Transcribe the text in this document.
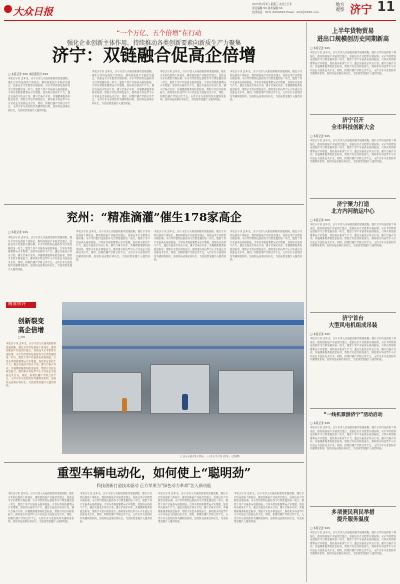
大众日报
2025年5月8日 星期三 农历乙巳年
责任编辑 XX 美术编辑 XX
热线电话：0531-XXXXXXX Email：dzrb@XXXX.com
地方
观察 济宁 11
“一个万亿、五个倍增”在行动
强化企业创新主体作用，持续推动各类创新要素向新质生产力聚集
济宁：双链融合促高企倍增
□ 本报记者 XXX 本报通讯员 XXX
本报济宁讯 近年来，济宁市深入实施创新驱动发展战略，强化企业科技创新主体地位，推动创新链产业链深度融合，高新技术企业数量实现倍增。全市坚持把科技创新作为引领发展的第一动力，聚焦主导产业链条布局创新链，引导各类创新要素向企业集聚，加快培育新质生产力。通过实施高企培育计划，建立后备企业库，开展精准服务和政策辅导，帮助企业提升研发能力，推动更多科技型中小企业成长为高新技术企业。同时，积极搭建产学研合作平台，支持企业与高校院所共建研发机构，加快科技成果转移转化，为高质量发展注入强劲动能。
本报济宁讯 近年来，济宁市深入实施创新驱动发展战略，强化企业科技创新主体地位，推动创新链产业链深度融合，高新技术企业数量实现倍增。全市坚持把科技创新作为引领发展的第一动力，聚焦主导产业链条布局创新链，引导各类创新要素向企业集聚，加快培育新质生产力。通过实施高企培育计划，建立后备企业库，开展精准服务和政策辅导，帮助企业提升研发能力，推动更多科技型中小企业成长为高新技术企业。同时，积极搭建产学研合作平台，支持企业与高校院所共建研发机构，加快科技成果转移转化，为高质量发展注入强劲动能。
本报济宁讯 近年来，济宁市深入实施创新驱动发展战略，强化企业科技创新主体地位，推动创新链产业链深度融合，高新技术企业数量实现倍增。全市坚持把科技创新作为引领发展的第一动力，聚焦主导产业链条布局创新链，引导各类创新要素向企业集聚，加快培育新质生产力。通过实施高企培育计划，建立后备企业库，开展精准服务和政策辅导，帮助企业提升研发能力，推动更多科技型中小企业成长为高新技术企业。同时，积极搭建产学研合作平台，支持企业与高校院所共建研发机构，加快科技成果转移转化，为高质量发展注入强劲动能。
本报济宁讯 近年来，济宁市深入实施创新驱动发展战略，强化企业科技创新主体地位，推动创新链产业链深度融合，高新技术企业数量实现倍增。全市坚持把科技创新作为引领发展的第一动力，聚焦主导产业链条布局创新链，引导各类创新要素向企业集聚，加快培育新质生产力。通过实施高企培育计划，建立后备企业库，开展精准服务和政策辅导，帮助企业提升研发能力，推动更多科技型中小企业成长为高新技术企业。同时，积极搭建产学研合作平台，支持企业与高校院所共建研发机构，加快科技成果转移转化，为高质量发展注入强劲动能。
兖州：“精准滴灌”催生178家高企
□ 本报记者 XXX
本报济宁讯 近年来，济宁市深入实施创新驱动发展战略，强化企业科技创新主体地位，推动创新链产业链深度融合，高新技术企业数量实现倍增。全市坚持把科技创新作为引领发展的第一动力，聚焦主导产业链条布局创新链，引导各类创新要素向企业集聚，加快培育新质生产力。通过实施高企培育计划，建立后备企业库，开展精准服务和政策辅导，帮助企业提升研发能力，推动更多科技型中小企业成长为高新技术企业。同时，积极搭建产学研合作平台，支持企业与高校院所共建研发机构，加快科技成果转移转化，为高质量发展注入强劲动能。
本报济宁讯 近年来，济宁市深入实施创新驱动发展战略，强化企业科技创新主体地位，推动创新链产业链深度融合，高新技术企业数量实现倍增。全市坚持把科技创新作为引领发展的第一动力，聚焦主导产业链条布局创新链，引导各类创新要素向企业集聚，加快培育新质生产力。通过实施高企培育计划，建立后备企业库，开展精准服务和政策辅导，帮助企业提升研发能力，推动更多科技型中小企业成长为高新技术企业。同时，积极搭建产学研合作平台，支持企业与高校院所共建研发机构，加快科技成果转移转化，为高质量发展注入强劲动能。
本报济宁讯 近年来，济宁市深入实施创新驱动发展战略，强化企业科技创新主体地位，推动创新链产业链深度融合，高新技术企业数量实现倍增。全市坚持把科技创新作为引领发展的第一动力，聚焦主导产业链条布局创新链，引导各类创新要素向企业集聚，加快培育新质生产力。通过实施高企培育计划，建立后备企业库，开展精准服务和政策辅导，帮助企业提升研发能力，推动更多科技型中小企业成长为高新技术企业。同时，积极搭建产学研合作平台，支持企业与高校院所共建研发机构，加快科技成果转移转化，为高质量发展注入强劲动能。
本报济宁讯 近年来，济宁市深入实施创新驱动发展战略，强化企业科技创新主体地位，推动创新链产业链深度融合，高新技术企业数量实现倍增。全市坚持把科技创新作为引领发展的第一动力，聚焦主导产业链条布局创新链，引导各类创新要素向企业集聚，加快培育新质生产力。通过实施高企培育计划，建立后备企业库，开展精准服务和政策辅导，帮助企业提升研发能力，推动更多科技型中小企业成长为高新技术企业。同时，积极搭建产学研合作平台，支持企业与高校院所共建研发机构，加快科技成果转移转化，为高质量发展注入强劲动能。
精准快评
创新裂变
高企倍增
□ XX
本报济宁讯 近年来，济宁市深入实施创新驱动发展战略，强化企业科技创新主体地位，推动创新链产业链深度融合，高新技术企业数量实现倍增。全市坚持把科技创新作为引领发展的第一动力，聚焦主导产业链条布局创新链，引导各类创新要素向企业集聚，加快培育新质生产力。通过实施高企培育计划，建立后备企业库，开展精准服务和政策辅导，帮助企业提升研发能力，推动更多科技型中小企业成长为高新技术企业。同时，积极搭建产学研合作平台，支持企业与高校院所共建研发机构，加快科技成果转移转化，为高质量发展注入强劲动能。
□ 济宁市某企业车间内，工人正在生产线上作业。（资料图）
重型车辆电动化，如何使上“聪明劲”
科技创新打造技术驱动 正方苹果为“绿色动力革命”注入新动能
本报济宁讯 近年来，济宁市深入实施创新驱动发展战略，强化企业科技创新主体地位，推动创新链产业链深度融合，高新技术企业数量实现倍增。全市坚持把科技创新作为引领发展的第一动力，聚焦主导产业链条布局创新链，引导各类创新要素向企业集聚，加快培育新质生产力。通过实施高企培育计划，建立后备企业库，开展精准服务和政策辅导，帮助企业提升研发能力，推动更多科技型中小企业成长为高新技术企业。同时，积极搭建产学研合作平台，支持企业与高校院所共建研发机构，加快科技成果转移转化，为高质量发展注入强劲动能。
本报济宁讯 近年来，济宁市深入实施创新驱动发展战略，强化企业科技创新主体地位，推动创新链产业链深度融合，高新技术企业数量实现倍增。全市坚持把科技创新作为引领发展的第一动力，聚焦主导产业链条布局创新链，引导各类创新要素向企业集聚，加快培育新质生产力。通过实施高企培育计划，建立后备企业库，开展精准服务和政策辅导，帮助企业提升研发能力，推动更多科技型中小企业成长为高新技术企业。同时，积极搭建产学研合作平台，支持企业与高校院所共建研发机构，加快科技成果转移转化，为高质量发展注入强劲动能。
本报济宁讯 近年来，济宁市深入实施创新驱动发展战略，强化企业科技创新主体地位，推动创新链产业链深度融合，高新技术企业数量实现倍增。全市坚持把科技创新作为引领发展的第一动力，聚焦主导产业链条布局创新链，引导各类创新要素向企业集聚，加快培育新质生产力。通过实施高企培育计划，建立后备企业库，开展精准服务和政策辅导，帮助企业提升研发能力，推动更多科技型中小企业成长为高新技术企业。同时，积极搭建产学研合作平台，支持企业与高校院所共建研发机构，加快科技成果转移转化，为高质量发展注入强劲动能。
本报济宁讯 近年来，济宁市深入实施创新驱动发展战略，强化企业科技创新主体地位，推动创新链产业链深度融合，高新技术企业数量实现倍增。全市坚持把科技创新作为引领发展的第一动力，聚焦主导产业链条布局创新链，引导各类创新要素向企业集聚，加快培育新质生产力。通过实施高企培育计划，建立后备企业库，开展精准服务和政策辅导，帮助企业提升研发能力，推动更多科技型中小企业成长为高新技术企业。同时，积极搭建产学研合作平台，支持企业与高校院所共建研发机构，加快科技成果转移转化，为高质量发展注入强劲动能。
上半年货物贸易
进出口规模创历史同期新高
□ 本报记者 XXX
本报济宁讯 近年来，济宁市深入实施创新驱动发展战略，强化企业科技创新主体地位，推动创新链产业链深度融合，高新技术企业数量实现倍增。全市坚持把科技创新作为引领发展的第一动力，聚焦主导产业链条布局创新链，引导各类创新要素向企业集聚，加快培育新质生产力。通过实施高企培育计划，建立后备企业库，开展精准服务和政策辅导，帮助企业提升研发能力，推动更多科技型中小企业成长为高新技术企业。同时，积极搭建产学研合作平台，支持企业与高校院所共建研发机构，加快科技成果转移转化，为高质量发展注入强劲动能。
济宁召开
全市科技创新大会
□ 本报记者 XXX
本报济宁讯 近年来，济宁市深入实施创新驱动发展战略，强化企业科技创新主体地位，推动创新链产业链深度融合，高新技术企业数量实现倍增。全市坚持把科技创新作为引领发展的第一动力，聚焦主导产业链条布局创新链，引导各类创新要素向企业集聚，加快培育新质生产力。通过实施高企培育计划，建立后备企业库，开展精准服务和政策辅导，帮助企业提升研发能力，推动更多科技型中小企业成长为高新技术企业。同时，积极搭建产学研合作平台，支持企业与高校院所共建研发机构，加快科技成果转移转化，为高质量发展注入强劲动能。
济宁聚力打造
北方内河航运中心
□ 本报记者 XXX
本报济宁讯 近年来，济宁市深入实施创新驱动发展战略，强化企业科技创新主体地位，推动创新链产业链深度融合，高新技术企业数量实现倍增。全市坚持把科技创新作为引领发展的第一动力，聚焦主导产业链条布局创新链，引导各类创新要素向企业集聚，加快培育新质生产力。通过实施高企培育计划，建立后备企业库，开展精准服务和政策辅导，帮助企业提升研发能力，推动更多科技型中小企业成长为高新技术企业。同时，积极搭建产学研合作平台，支持企业与高校院所共建研发机构，加快科技成果转移转化，为高质量发展注入强劲动能。
济宁首台
大型风电机组成吊装
□ 本报记者 XXX
本报济宁讯 近年来，济宁市深入实施创新驱动发展战略，强化企业科技创新主体地位，推动创新链产业链深度融合，高新技术企业数量实现倍增。全市坚持把科技创新作为引领发展的第一动力，聚焦主导产业链条布局创新链，引导各类创新要素向企业集聚，加快培育新质生产力。通过实施高企培育计划，建立后备企业库，开展精准服务和政策辅导，帮助企业提升研发能力，推动更多科技型中小企业成长为高新技术企业。同时，积极搭建产学研合作平台，支持企业与高校院所共建研发机构，加快科技成果转移转化，为高质量发展注入强劲动能。
“一线机票游济宁”活动启动
□ 本报记者 XXX
本报济宁讯 近年来，济宁市深入实施创新驱动发展战略，强化企业科技创新主体地位，推动创新链产业链深度融合，高新技术企业数量实现倍增。全市坚持把科技创新作为引领发展的第一动力，聚焦主导产业链条布局创新链，引导各类创新要素向企业集聚，加快培育新质生产力。通过实施高企培育计划，建立后备企业库，开展精准服务和政策辅导，帮助企业提升研发能力，推动更多科技型中小企业成长为高新技术企业。同时，积极搭建产学研合作平台，支持企业与高校院所共建研发机构，加快科技成果转移转化，为高质量发展注入强劲动能。
多项便民利民举措
提升服务温度
□ 本报记者 XXX
本报济宁讯 近年来，济宁市深入实施创新驱动发展战略，强化企业科技创新主体地位，推动创新链产业链深度融合，高新技术企业数量实现倍增。全市坚持把科技创新作为引领发展的第一动力，聚焦主导产业链条布局创新链，引导各类创新要素向企业集聚，加快培育新质生产力。通过实施高企培育计划，建立后备企业库，开展精准服务和政策辅导，帮助企业提升研发能力，推动更多科技型中小企业成长为高新技术企业。同时，积极搭建产学研合作平台，支持企业与高校院所共建研发机构，加快科技成果转移转化，为高质量发展注入强劲动能。
